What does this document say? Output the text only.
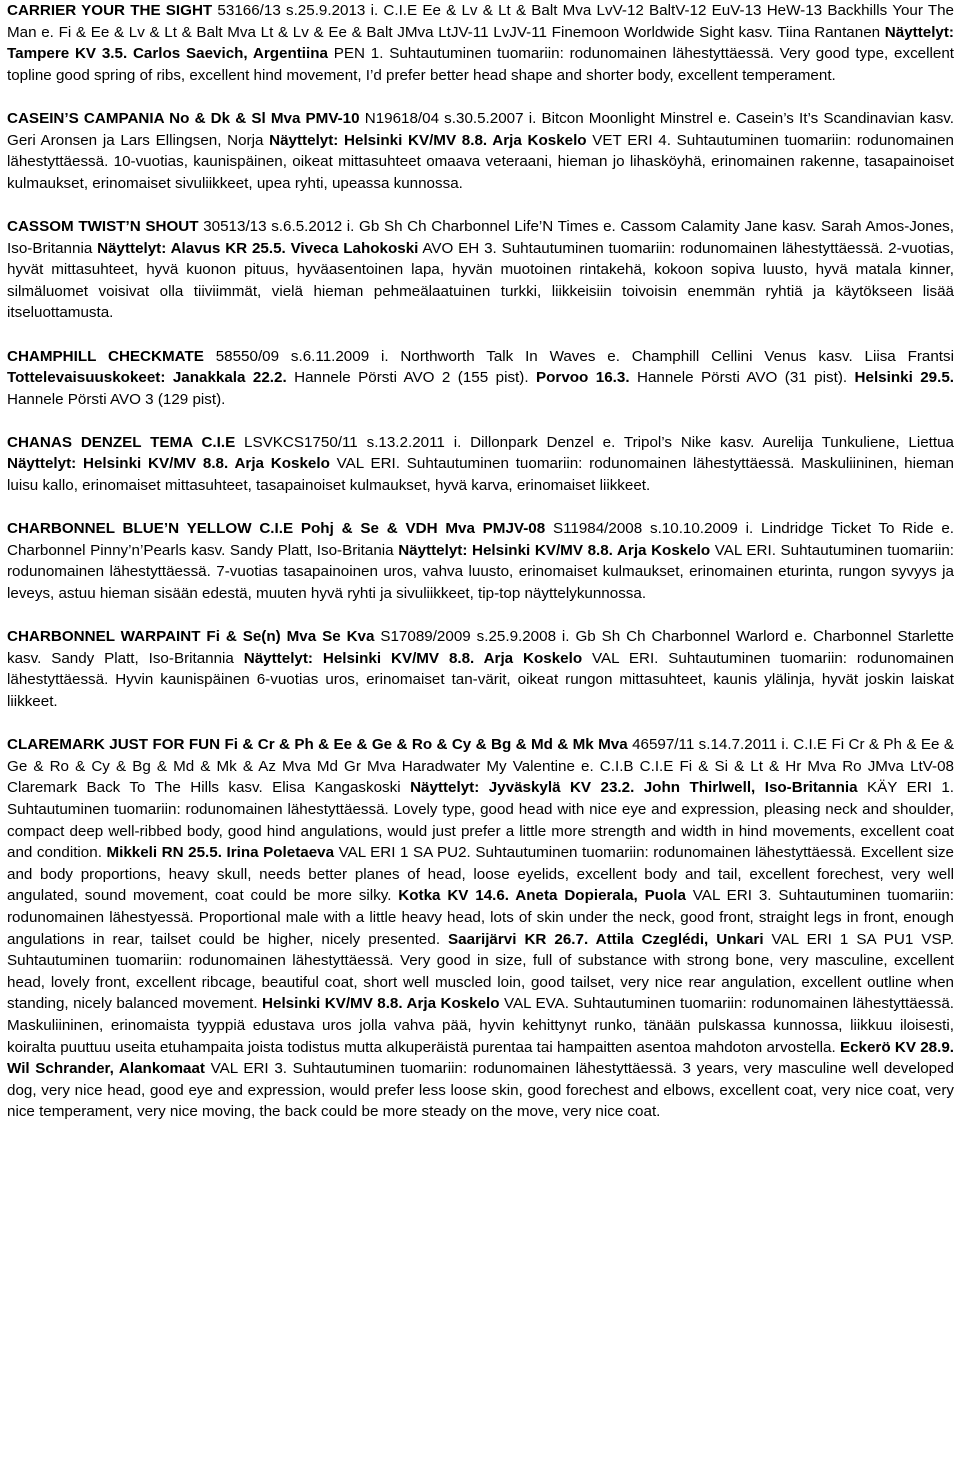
CARRIER YOUR THE SIGHT 53166/13 s.25.9.2013 i. C.I.E Ee & Lv & Lt & Balt Mva LvV-12 BaltV-12 EuV-13 HeW-13 Backhills Your The Man e. Fi & Ee & Lv & Lt & Balt Mva Lt & Lv & Ee & Balt JMva LtJV-11 LvJV-11 Finemoon Worldwide Sight kasv. Tiina Rantanen Näyttelyt: Tampere KV 3.5. Carlos Saevich, Argentiina PEN 1. Suhtautuminen tuomariin: rodunomainen lähestyttäessä. Very good type, excellent topline good spring of ribs, excellent hind movement, I’d prefer better head shape and shorter body, excellent temperament.

CASEIN’S CAMPANIA No & Dk & Sl Mva PMV-10 N19618/04 s.30.5.2007 i. Bitcon Moonlight Minstrel e. Casein’s It’s Scandinavian kasv. Geri Aronsen ja Lars Ellingsen, Norja Näyttelyt: Helsinki KV/MV 8.8. Arja Koskelo VET ERI 4. Suhtautuminen tuomariin: rodunomainen lähestyttäessä. 10-vuotias, kaunispäinen, oikeat mittasuhteet omaava veteraani, hieman jo lihasköyhä, erinomainen rakenne, tasapainoiset kulmaukset, erinomaiset sivuliikkeet, upea ryhti, upeassa kunnossa.

CASSOM TWIST’N SHOUT 30513/13 s.6.5.2012 i. Gb Sh Ch Charbonnel Life’N Times e. Cassom Calamity Jane kasv. Sarah Amos-Jones, Iso-Britannia Näyttelyt: Alavus KR 25.5. Viveca Lahokoski AVO EH 3. Suhtautuminen tuomariin: rodunomainen lähestyttäessä. 2-vuotias, hyvät mittasuhteet, hyvä kuonon pituus, hyväasentoinen lapa, hyvän muotoinen rintakehä, kokoon sopiva luusto, hyvä matala kinner, silmäluomet voisivat olla tiiviimmät, vielä hieman pehmeälaatuinen turkki, liikkeisiin toivoisin enemmän ryhtiä ja käytökseen lisää itseluottamusta.

CHAMPHILL CHECKMATE 58550/09 s.6.11.2009 i. Northworth Talk In Waves e. Champhill Cellini Venus kasv. Liisa Frantsi Tottelevaisuuskokeet: Janakkala 22.2. Hannele Pörsti AVO 2 (155 pist). Porvoo 16.3. Hannele Pörsti AVO (31 pist). Helsinki 29.5. Hannele Pörsti AVO 3 (129 pist).

CHANAS DENZEL TEMA C.I.E LSVKCS1750/11 s.13.2.2011 i. Dillonpark Denzel e. Tripol’s Nike kasv. Aurelija Tunkuliene, Liettua Näyttelyt: Helsinki KV/MV 8.8. Arja Koskelo VAL ERI. Suhtautuminen tuomariin: rodunomainen lähestyttäessä. Maskuliininen, hieman luisu kallo, erinomaiset mittasuhteet, tasapainoiset kulmaukset, hyvä karva, erinomaiset liikkeet.

CHARBONNEL BLUE’N YELLOW C.I.E Pohj & Se & VDH Mva PMJV-08 S11984/2008 s.10.10.2009 i. Lindridge Ticket To Ride e. Charbonnel Pinny’n’Pearls kasv. Sandy Platt, Iso-Britania Näyttelyt: Helsinki KV/MV 8.8. Arja Koskelo VAL ERI. Suhtautuminen tuomariin: rodunomainen lähestyttäessä. 7-vuotias tasapainoinen uros, vahva luusto, erinomaiset kulmaukset, erinomainen eturinta, rungon syvyys ja leveys, astuu hieman sisään edestä, muuten hyvä ryhti ja sivuliikkeet, tip-top näyttelykunnossa.

CHARBONNEL WARPAINT Fi & Se(n) Mva Se Kva S17089/2009 s.25.9.2008 i. Gb Sh Ch Charbonnel Warlord e. Charbonnel Starlette kasv. Sandy Platt, Iso-Britannia Näyttelyt: Helsinki KV/MV 8.8. Arja Koskelo VAL ERI. Suhtautuminen tuomariin: rodunomainen lähestyttäessä. Hyvin kaunispäinen 6-vuotias uros, erinomaiset tan-värit, oikeat rungon mittasuhteet, kaunis ylälinja, hyvät joskin laiskat liikkeet.

CLAREMARK JUST FOR FUN Fi & Cr & Ph & Ee & Ge & Ro & Cy & Bg & Md & Mk Mva 46597/11 s.14.7.2011 i. C.I.E Fi Cr & Ph & Ee & Ge & Ro & Cy & Bg & Md & Mk & Az Mva Md Gr Mva Haradwater My Valentine e. C.I.B C.I.E Fi & Si & Lt & Hr Mva Ro JMva LtV-08 Claremark Back To The Hills kasv. Elisa Kangaskoski Näyttelyt: Jyväskylä KV 23.2. John Thirlwell, Iso-Britannia KÄY ERI 1. Suhtautuminen tuomariin: rodunomainen lähestyttäessä. Lovely type, good head with nice eye and expression, pleasing neck and shoulder, compact deep well-ribbed body, good hind angulations, would just prefer a little more strength and width in hind movements, excellent coat and condition. Mikkeli RN 25.5. Irina Poletaeva VAL ERI 1 SA PU2. Suhtautuminen tuomariin: rodunomainen lähestyttäessä. Excellent size and body proportions, heavy skull, needs better planes of head, loose eyelids, excellent body and tail, excellent forechest, very well angulated, sound movement, coat could be more silky. Kotka KV 14.6. Aneta Dopierala, Puola VAL ERI 3. Suhtautuminen tuomariin: rodunomainen lähestyessä. Proportional male with a little heavy head, lots of skin under the neck, good front, straight legs in front, enough angulations in rear, tailset could be higher, nicely presented. Saarijärvi KR 26.7. Attila Czeglédi, Unkari VAL ERI 1 SA PU1 VSP. Suhtautuminen tuomariin: rodunomainen lähestyttäessä. Very good in size, full of substance with strong bone, very masculine, excellent head, lovely front, excellent ribcage, beautiful coat, short well muscled loin, good tailset, very nice rear angulation, excellent outline when standing, nicely balanced movement. Helsinki KV/MV 8.8. Arja Koskelo VAL EVA. Suhtautuminen tuomariin: rodunomainen lähestyttäessä. Maskuliininen, erinomaista tyyppiä edustava uros jolla vahva pää, hyvin kehittynyt runko, tänään pulskassa kunnossa, liikkuu iloisesti, koiralta puuttuu useita etuhampaita joista todistus mutta alkuperäistä purentaa tai hampaitten asentoa mahdoton arvostella. Eckerö KV 28.9. Wil Schrander, Alankomaat VAL ERI 3. Suhtautuminen tuomariin: rodunomainen lähestyttäessä. 3 years, very masculine well developed dog, very nice head, good eye and expression, would prefer less loose skin, good forechest and elbows, excellent coat, very nice coat, very nice temperament, very nice moving, the back could be more steady on the move, very nice coat.
